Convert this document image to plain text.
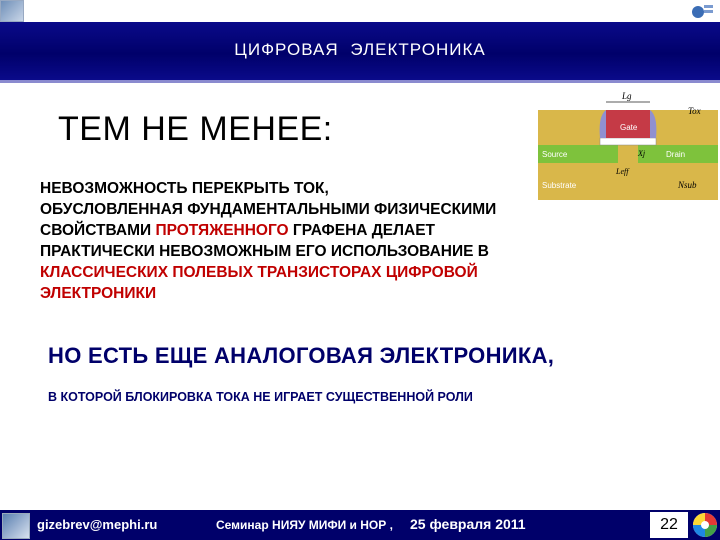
ЦИФРОВАЯ ЭЛЕКТРОНИКА
ТЕМ НЕ МЕНЕЕ:
Lg
Tox
Gate
Source	Drain
Substrate
Leff
Xj
Nsub
НЕВОЗМОЖНОСТЬ ПЕРЕКРЫТЬ ТОК,
ОБУСЛОВЛЕННАЯ ФУНДАМЕНТАЛЬНЫМИ ФИЗИЧЕСКИМИ
СВОЙСТВАМИ ПРОТЯЖЕННОГО ГРАФЕНА ДЕЛАЕТ
ПРАКТИЧЕСКИ НЕВОЗМОЖНЫМ ЕГО ИСПОЛЬЗОВАНИЕ В
КЛАССИЧЕСКИХ ПОЛЕВЫХ ТРАНЗИСТОРАХ ЦИФРОВОЙ
ЭЛЕКТРОНИКИ
НО ЕСТЬ ЕЩЕ АНАЛОГОВАЯ ЭЛЕКТРОНИКА,
В КОТОРОЙ БЛОКИРОВКА ТОКА НЕ ИГРАЕТ СУЩЕСТВЕННОЙ РОЛИ
gizebrev@mephi.ru	Семинар НИЯУ МИФИ и НОР , 25 февраля 2011	22
